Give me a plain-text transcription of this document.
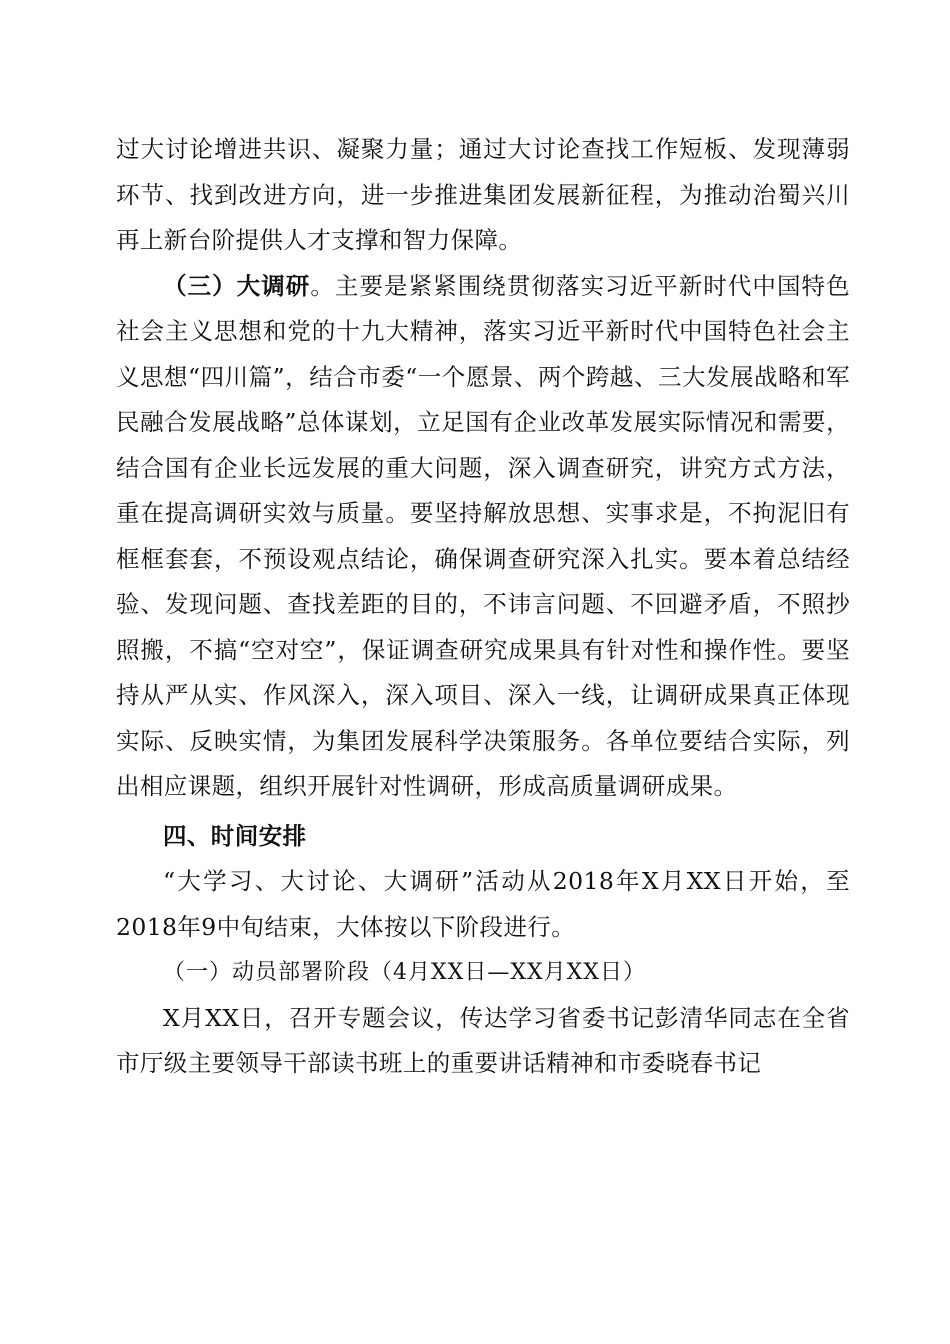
过大讨论增进共识、凝聚力量；通过大讨论查找工作短板、发现薄弱环节、找到改进方向，进一步推进集团发展新征程，为推动治蜀兴川再上新台阶提供人才支撑和智力保障。

（三）大调研。主要是紧紧围绕贯彻落实习近平新时代中国特色社会主义思想和党的十九大精神，落实习近平新时代中国特色社会主义思想“四川篇”，结合市委“一个愿景、两个跨越、三大发展战略和军民融合发展战略”总体谋划，立足国有企业改革发展实际情况和需要，结合国有企业长远发展的重大问题，深入调查研究，讲究方式方法，重在提高调研实效与质量。要坚持解放思想、实事求是，不拘泥旧有框框套套，不预设观点结论，确保调查研究深入扎实。要本着总结经验、发现问题、查找差距的目的，不讳言问题、不回避矛盾，不照抄照搬，不搞“空对空”，保证调查研究成果具有针对性和操作性。要坚持从严从实、作风深入，深入项目、深入一线，让调研成果真正体现实际、反映实情，为集团发展科学决策服务。各单位要结合实际，列出相应课题，组织开展针对性调研，形成高质量调研成果。

四、时间安排

“大学习、大讨论、大调研”活动从2018年X月XX日开始，至2018年9中旬结束，大体按以下阶段进行。

（一）动员部署阶段（4月XX日—XX月XX日）

X月XX日，召开专题会议，传达学习省委书记彭清华同志在全省市厅级主要领导干部读书班上的重要讲话精神和市委晓春书记
